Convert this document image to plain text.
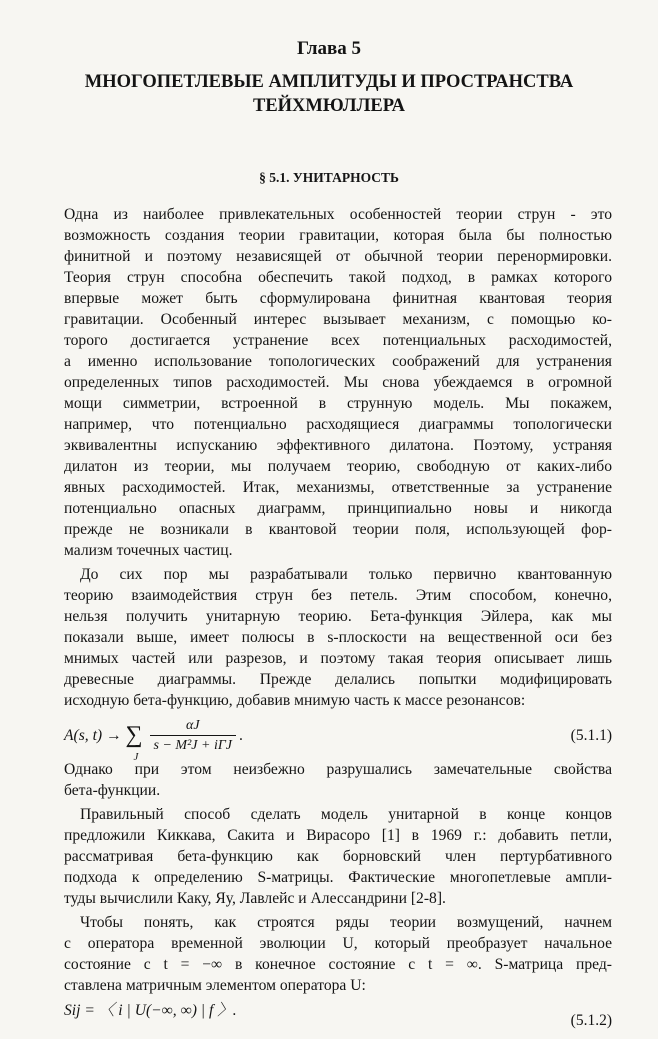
Глава 5
МНОГОПЕТЛЕВЫЕ АМПЛИТУДЫ И ПРОСТРАНСТВА
ТЕЙХМЮЛЛЕРА
§ 5.1. УНИТАРНОСТЬ
Одна из наиболее привлекательных особенностей теории струн - это
возможность создания теории гравитации, которая была бы полностью
финитной и поэтому независящей от обычной теории перенормировки.
Теория струн способна обеспечить такой подход, в рамках которого
впервые может быть сформулирована финитная квантовая теория
гравитации. Особенный интерес вызывает механизм, с помощью ко-
торого достигается устранение всех потенциальных расходимостей,
а именно использование топологических соображений для устранения
определенных типов расходимостей. Мы снова убеждаемся в огромной
мощи симметрии, встроенной в струнную модель. Мы покажем,
например, что потенциально расходящиеся диаграммы топологически
эквивалентны испусканию эффективного дилатона. Поэтому, устраняя
дилатон из теории, мы получаем теорию, свободную от каких-либо
явных расходимостей. Итак, механизмы, ответственные за устранение
потенциально опасных диаграмм, принципиально новы и никогда
прежде не возникали в квантовой теории поля, использующей фор-
мализм точечных частиц.
До сих пор мы разрабатывали только первично квантованную
теорию взаимодействия струн без петель. Этим способом, конечно,
нельзя получить унитарную теорию. Бета-функция Эйлера, как мы
показали выше, имеет полюсы в s-плоскости на вещественной оси без
мнимых частей или разрезов, и поэтому такая теория описывает лишь
древесные диаграммы. Прежде делались попытки модифицировать
исходную бета-функцию, добавив мнимую часть к массе резонансов:
A(s, t) → ∑
J

$\frac{\alpha J}{\text{s − M²J + iΓJ}}$ .	(5.1.1)
Однако при этом неизбежно разрушались замечательные свойства
бета-функции.
Правильный способ сделать модель унитарной в конце концов
предложили Киккава, Сакита и Вирасоро [1] в 1969 г.: добавить петли,
рассматривая бета-функцию как борновский член пертурбативного
подхода к определению S-матрицы. Фактические многопетлевые ампли-
туды вычислили Каку, Яу, Лавлейс и Алессандрини [2-8].
Чтобы понять, как строятся ряды теории возмущений, начнем
с оператора временной эволюции U, который преобразует начальное
состояние с t = −∞ в конечное состояние с t = ∞. S-матрица пред-
ставлена матричным элементом оператора U:
Sij = 〈 i | U(−∞, ∞) | f 〉.
(5.1.2)
